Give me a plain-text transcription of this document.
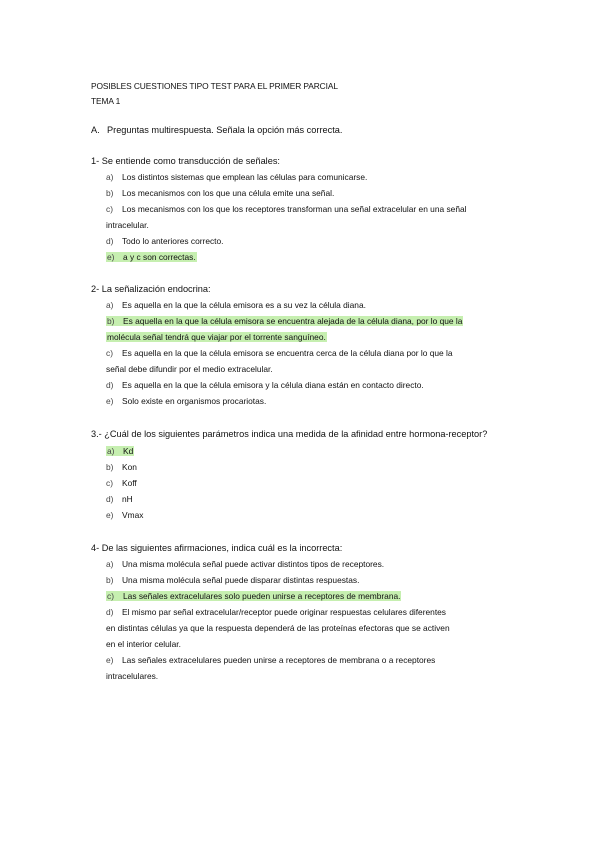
POSIBLES CUESTIONES TIPO TEST PARA EL PRIMER PARCIAL
TEMA 1
A. Preguntas multirespuesta. Señala la opción más correcta.
1- Se entiende como transducción de señales:
a) Los distintos sistemas que emplean las células para comunicarse.
b) Los mecanismos con los que una célula emite una señal.
c) Los mecanismos con los que los receptores transforman una señal extracelular en una señal
intracelular.
d) Todo lo anteriores correcto.
e) a y c son correctas.
2- La señalización endocrina:
a) Es aquella en la que la célula emisora es a su vez la célula diana.
b) Es aquella en la que la célula emisora se encuentra alejada de la célula diana, por lo que la
molécula señal tendrá que viajar por el torrente sanguíneo.
c) Es aquella en la que la célula emisora se encuentra cerca de la célula diana por lo que la
señal debe difundir por el medio extracelular.
d) Es aquella en la que la célula emisora y la célula diana están en contacto directo.
e) Solo existe en organismos procariotas.
3.- ¿Cuál de los siguientes parámetros indica una medida de la afinidad entre hormona-receptor?
a) Kd
b) Kon
c) Koff
d) nH
e) Vmax
4- De las siguientes afirmaciones, indica cuál es la incorrecta:
a) Una misma molécula señal puede activar distintos tipos de receptores.
b) Una misma molécula señal puede disparar distintas respuestas.
c) Las señales extracelulares solo pueden unirse a receptores de membrana.
d) El mismo par señal extracelular/receptor puede originar respuestas celulares diferentes
en distintas células ya que la respuesta dependerá de las proteínas efectoras que se activen
en el interior celular.
e) Las señales extracelulares pueden unirse a receptores de membrana o a receptores
intracelulares.
